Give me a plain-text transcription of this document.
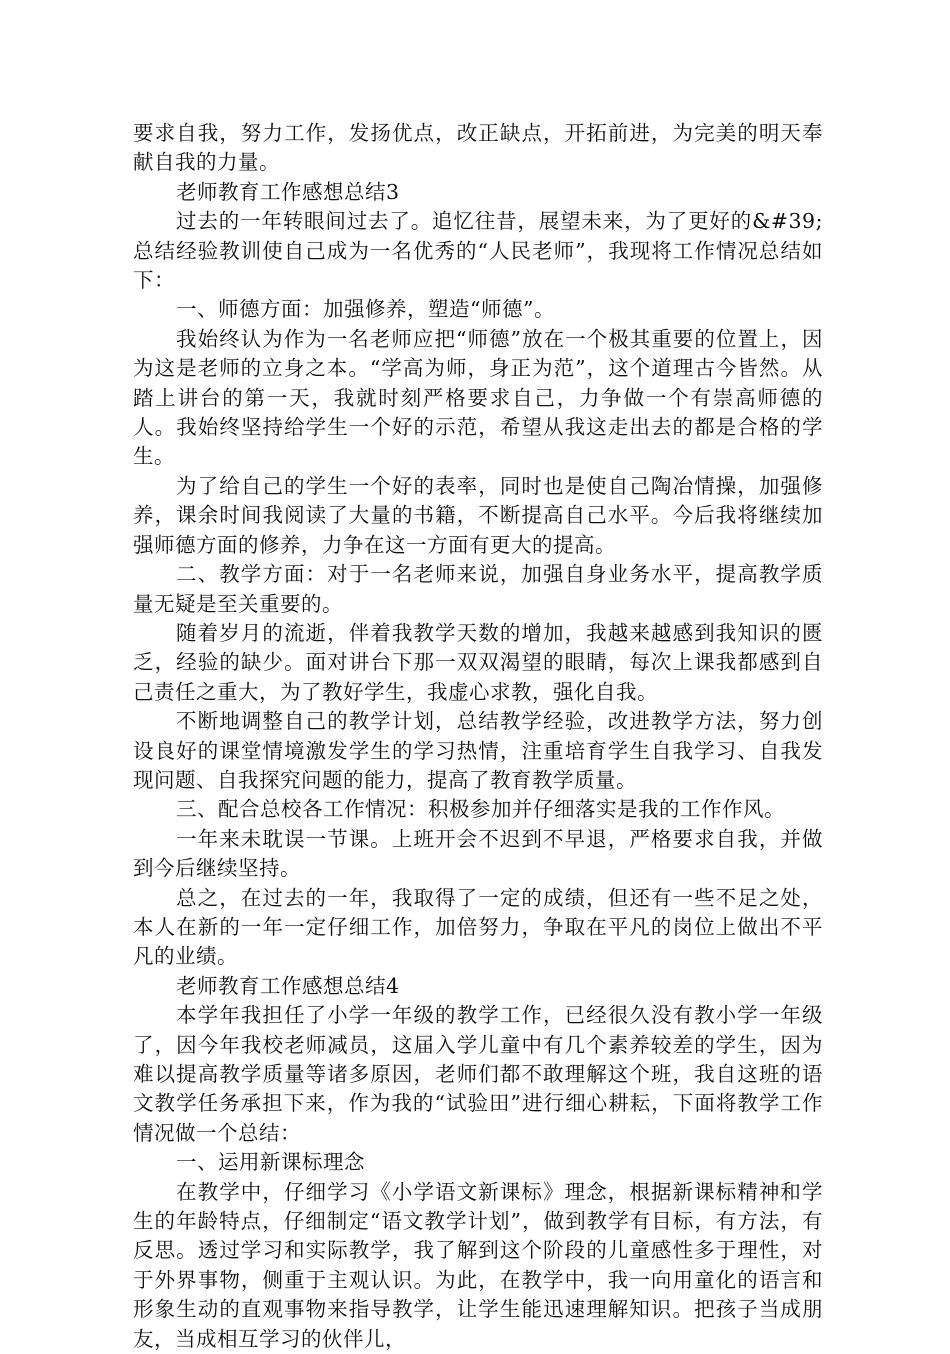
要求自我，努力工作，发扬优点，改正缺点，开拓前进，为完美的明天奉献自我的力量。

老师教育工作感想总结3

过去的一年转眼间过去了。追忆往昔，展望未来，为了更好的&#39;总结经验教训使自己成为一名优秀的“人民老师”，我现将工作情况总结如下：

一、师德方面：加强修养，塑造“师德”。

我始终认为作为一名老师应把“师德”放在一个极其重要的位置上，因为这是老师的立身之本。“学高为师，身正为范”，这个道理古今皆然。从踏上讲台的第一天，我就时刻严格要求自己，力争做一个有崇高师德的人。我始终坚持给学生一个好的示范，希望从我这走出去的都是合格的学生。

为了给自己的学生一个好的表率，同时也是使自己陶冶情操，加强修养，课余时间我阅读了大量的书籍，不断提高自己水平。今后我将继续加强师德方面的修养，力争在这一方面有更大的提高。

二、教学方面：对于一名老师来说，加强自身业务水平，提高教学质量无疑是至关重要的。

随着岁月的流逝，伴着我教学天数的增加，我越来越感到我知识的匮乏，经验的缺少。面对讲台下那一双双渴望的眼睛，每次上课我都感到自己责任之重大，为了教好学生，我虚心求教，强化自我。

不断地调整自己的教学计划，总结教学经验，改进教学方法，努力创设良好的课堂情境激发学生的学习热情，注重培育学生自我学习、自我发现问题、自我探究问题的能力，提高了教育教学质量。

三、配合总校各工作情况：积极参加并仔细落实是我的工作作风。

一年来未耽误一节课。上班开会不迟到不早退，严格要求自我，并做到今后继续坚持。

总之，在过去的一年，我取得了一定的成绩，但还有一些不足之处，本人在新的一年一定仔细工作，加倍努力，争取在平凡的岗位上做出不平凡的业绩。

老师教育工作感想总结4

本学年我担任了小学一年级的教学工作，已经很久没有教小学一年级了，因今年我校老师减员，这届入学儿童中有几个素养较差的学生，因为难以提高教学质量等诸多原因，老师们都不敢理解这个班，我自这班的语文教学任务承担下来，作为我的“试验田”进行细心耕耘，下面将教学工作情况做一个总结：

一、运用新课标理念

在教学中，仔细学习《小学语文新课标》理念，根据新课标精神和学生的年龄特点，仔细制定“语文教学计划”，做到教学有目标，有方法，有反思。透过学习和实际教学，我了解到这个阶段的儿童感性多于理性，对于外界事物，侧重于主观认识。为此，在教学中，我一向用童化的语言和形象生动的直观事物来指导教学，让学生能迅速理解知识。把孩子当成朋友，当成相互学习的伙伴儿，
